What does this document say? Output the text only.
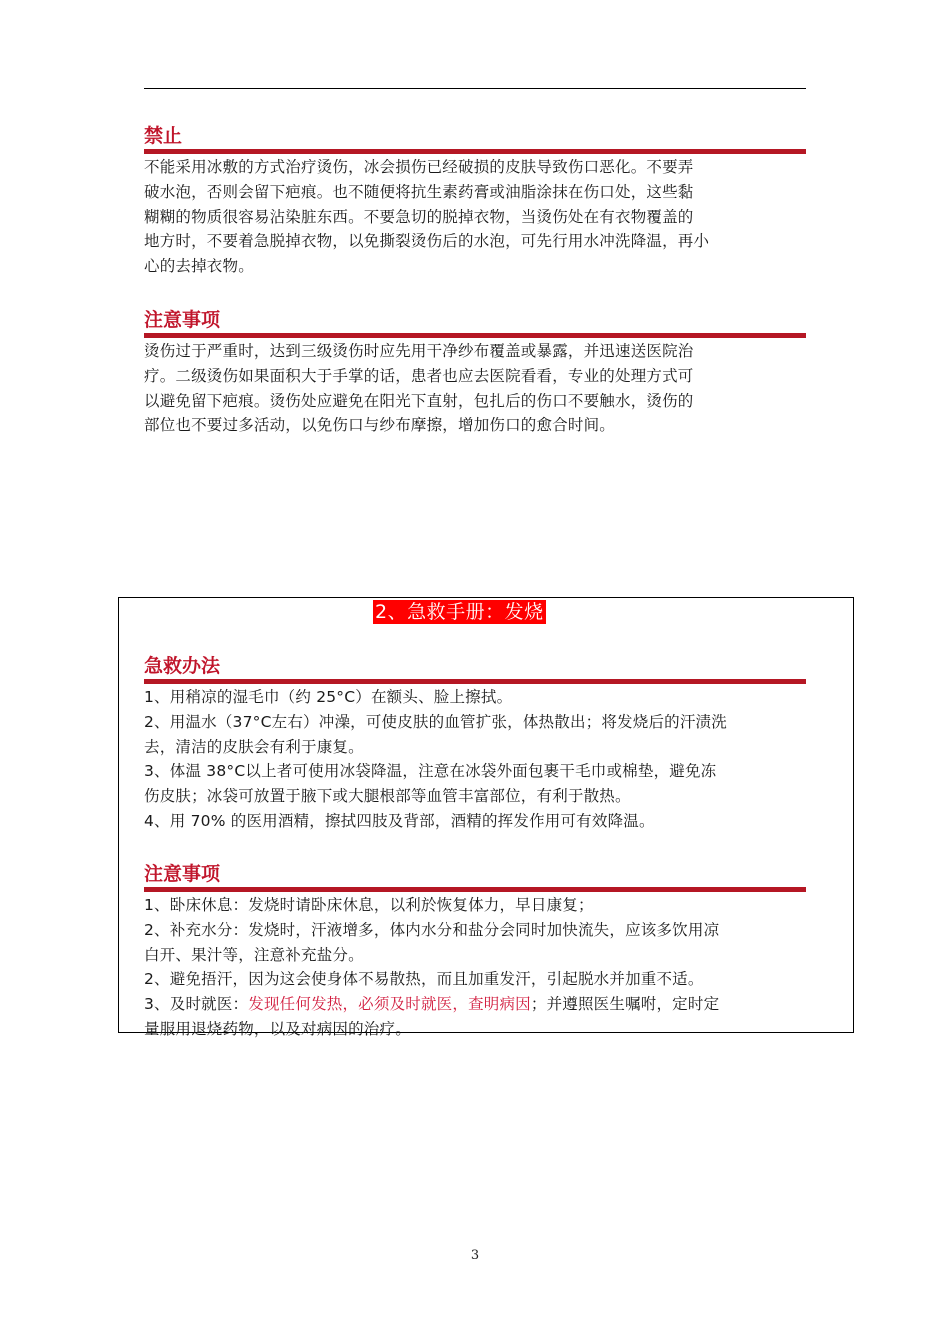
禁止
不能采用冰敷的方式治疗烫伤，冰会损伤已经破损的皮肤导致伤口恶化。不要弄
破水泡，否则会留下疤痕。也不随便将抗生素药膏或油脂涂抹在伤口处，这些黏
糊糊的物质很容易沾染脏东西。不要急切的脱掉衣物，当烫伤处在有衣物覆盖的
地方时，不要着急脱掉衣物，以免撕裂烫伤后的水泡，可先行用水冲洗降温，再小
心的去掉衣物。
注意事项
烫伤过于严重时，达到三级烫伤时应先用干净纱布覆盖或暴露，并迅速送医院治
疗。二级烫伤如果面积大于手掌的话，患者也应去医院看看，专业的处理方式可
以避免留下疤痕。烫伤处应避免在阳光下直射，包扎后的伤口不要触水，烫伤的
部位也不要过多活动，以免伤口与纱布摩擦，增加伤口的愈合时间。
2、急救手册：发烧
急救办法
1、用稍凉的湿毛巾（约 25°C）在额头、脸上擦拭。
2、用温水（37°C左右）冲澡，可使皮肤的血管扩张，体热散出；将发烧后的汗渍洗
去，清洁的皮肤会有利于康复。
3、体温 38°C以上者可使用冰袋降温，注意在冰袋外面包裹干毛巾或棉垫，避免冻
伤皮肤；冰袋可放置于腋下或大腿根部等血管丰富部位，有利于散热。
4、用 70% 的医用酒精，擦拭四肢及背部，酒精的挥发作用可有效降温。
注意事项
1、卧床休息：发烧时请卧床休息，以利於恢复体力，早日康复；
2、补充水分：发烧时，汗液增多，体内水分和盐分会同时加快流失，应该多饮用凉
白开、果汁等，注意补充盐分。
2、避免捂汗，因为这会使身体不易散热，而且加重发汗，引起脱水并加重不适。
3、及时就医：发现任何发热，必须及时就医，查明病因；并遵照医生嘱咐，定时定
量服用退烧药物，以及对病因的治疗。
3
